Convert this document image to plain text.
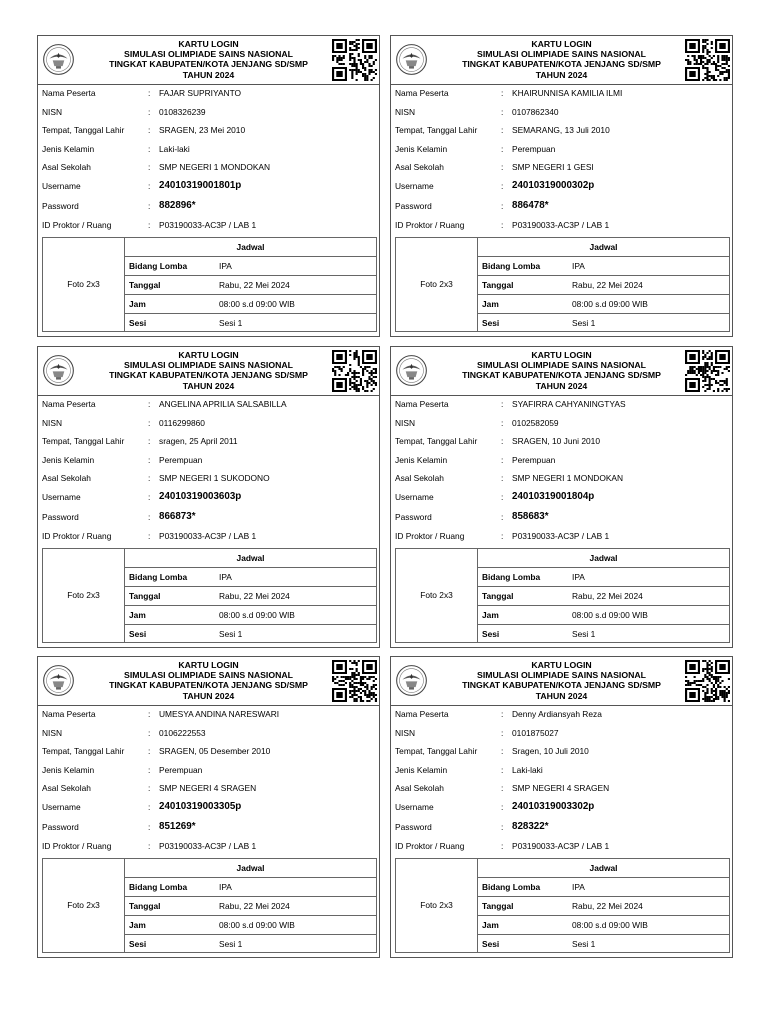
KARTU LOGIN
SIMULASI OLIMPIADE SAINS NASIONAL
TINGKAT KABUPATEN/KOTA JENJANG SD/SMP
TAHUN 2024
Nama Peserta	: FAJAR SUPRIYANTO
NISN	: 0108326239
Tempat, Tanggal Lahir	: SRAGEN, 23 Mei 2010
Jenis Kelamin	: Laki-laki
Asal Sekolah	: SMP NEGERI 1 MONDOKAN
Username	: 24010319001801p
Password	: 882896*
ID Proktor / Ruang	: P03190033-AC3P / LAB 1
Foto 2x3
Jadwal
Bidang Lomba	IPA
Tanggal	Rabu, 22 Mei 2024
Jam	08:00 s.d 09:00 WIB
Sesi	Sesi 1
KARTU LOGIN
SIMULASI OLIMPIADE SAINS NASIONAL
TINGKAT KABUPATEN/KOTA JENJANG SD/SMP
TAHUN 2024
Nama Peserta	: KHAIRUNNISA KAMILIA ILMI
NISN	: 0107862340
Tempat, Tanggal Lahir	: SEMARANG, 13 Juli 2010
Jenis Kelamin	: Perempuan
Asal Sekolah	: SMP NEGERI 1 GESI
Username	: 24010319000302p
Password	: 886478*
ID Proktor / Ruang	: P03190033-AC3P / LAB 1
Foto 2x3
Jadwal
Bidang Lomba	IPA
Tanggal	Rabu, 22 Mei 2024
Jam	08:00 s.d 09:00 WIB
Sesi	Sesi 1
KARTU LOGIN
SIMULASI OLIMPIADE SAINS NASIONAL
TINGKAT KABUPATEN/KOTA JENJANG SD/SMP
TAHUN 2024
Nama Peserta	: ANGELINA APRILIA SALSABILLA
NISN	: 0116299860
Tempat, Tanggal Lahir	: sragen, 25 April 2011
Jenis Kelamin	: Perempuan
Asal Sekolah	: SMP NEGERI 1 SUKODONO
Username	: 24010319003603p
Password	: 866873*
ID Proktor / Ruang	: P03190033-AC3P / LAB 1
Foto 2x3
Jadwal
Bidang Lomba	IPA
Tanggal	Rabu, 22 Mei 2024
Jam	08:00 s.d 09:00 WIB
Sesi	Sesi 1
KARTU LOGIN
SIMULASI OLIMPIADE SAINS NASIONAL
TINGKAT KABUPATEN/KOTA JENJANG SD/SMP
TAHUN 2024
Nama Peserta	: SYAFIRRA CAHYANINGTYAS
NISN	: 0102582059
Tempat, Tanggal Lahir	: SRAGEN, 10 Juni 2010
Jenis Kelamin	: Perempuan
Asal Sekolah	: SMP NEGERI 1 MONDOKAN
Username	: 24010319001804p
Password	: 858683*
ID Proktor / Ruang	: P03190033-AC3P / LAB 1
Foto 2x3
Jadwal
Bidang Lomba	IPA
Tanggal	Rabu, 22 Mei 2024
Jam	08:00 s.d 09:00 WIB
Sesi	Sesi 1
KARTU LOGIN
SIMULASI OLIMPIADE SAINS NASIONAL
TINGKAT KABUPATEN/KOTA JENJANG SD/SMP
TAHUN 2024
Nama Peserta	: UMESYA ANDINA NARESWARI
NISN	: 0106222553
Tempat, Tanggal Lahir	: SRAGEN, 05 Desember 2010
Jenis Kelamin	: Perempuan
Asal Sekolah	: SMP NEGERI 4 SRAGEN
Username	: 24010319003305p
Password	: 851269*
ID Proktor / Ruang	: P03190033-AC3P / LAB 1
Foto 2x3
Jadwal
Bidang Lomba	IPA
Tanggal	Rabu, 22 Mei 2024
Jam	08:00 s.d 09:00 WIB
Sesi	Sesi 1
KARTU LOGIN
SIMULASI OLIMPIADE SAINS NASIONAL
TINGKAT KABUPATEN/KOTA JENJANG SD/SMP
TAHUN 2024
Nama Peserta	: Denny Ardiansyah Reza
NISN	: 0101875027
Tempat, Tanggal Lahir	: Sragen, 10 Juli 2010
Jenis Kelamin	: Laki-laki
Asal Sekolah	: SMP NEGERI 4 SRAGEN
Username	: 24010319003302p
Password	: 828322*
ID Proktor / Ruang	: P03190033-AC3P / LAB 1
Foto 2x3
Jadwal
Bidang Lomba	IPA
Tanggal	Rabu, 22 Mei 2024
Jam	08:00 s.d 09:00 WIB
Sesi	Sesi 1
